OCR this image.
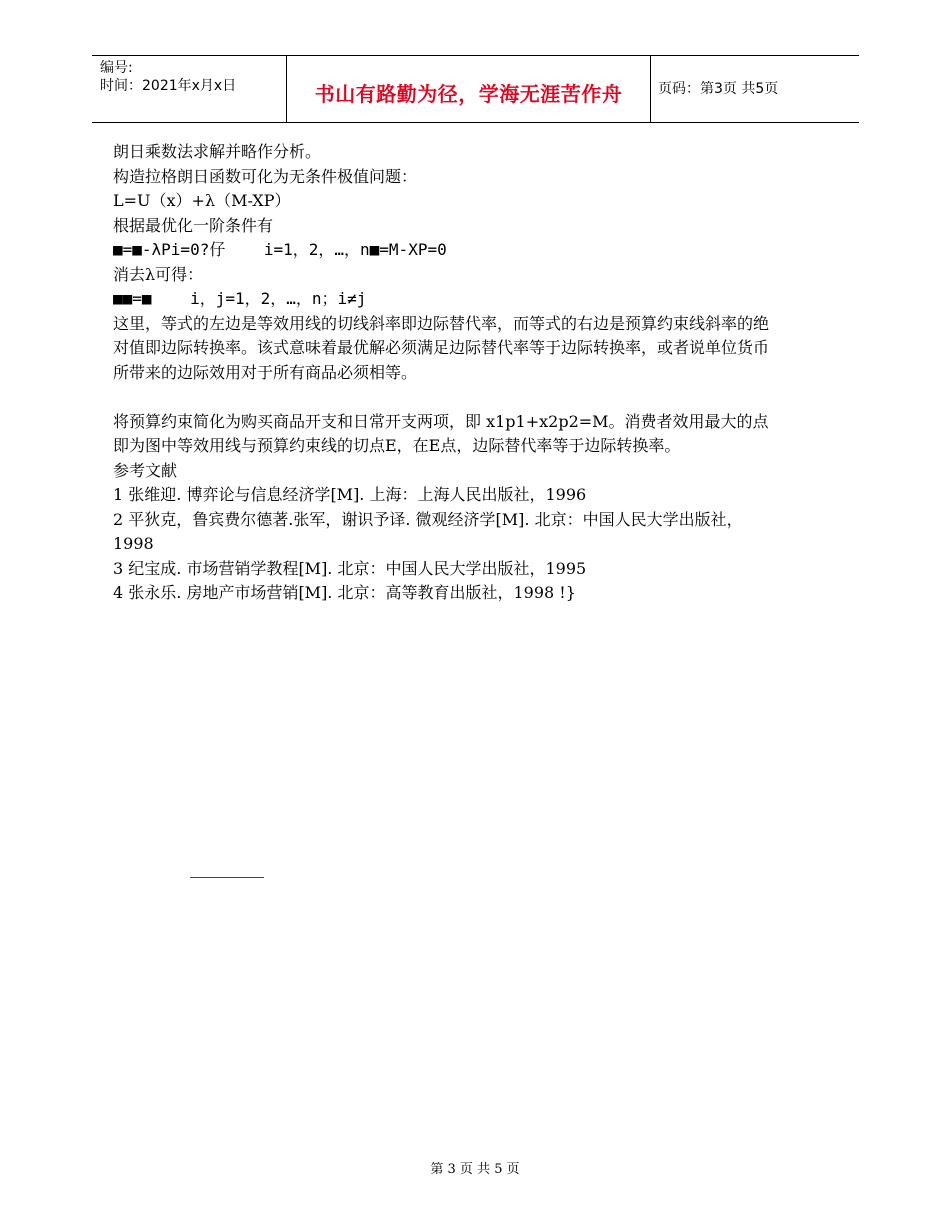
编号:
时间：2021年x月x日	书山有路勤为径，学海无涯苦作舟	页码：第3页 共5页
朗日乘数法求解并略作分析。
构造拉格朗日函数可化为无条件极值问题：
L=U（x）+λ（M-XP）
根据最优化一阶条件有
■=■-λPi=0?仔    i=1，2，…，n■=M-XP=0
消去λ可得：
■■=■    i，j=1，2，…，n；i≠j
这里，等式的左边是等效用线的切线斜率即边际替代率，而等式的右边是预算约束线斜率的绝对值即边际转换率。该式意味着最优解必须满足边际替代率等于边际转换率，或者说单位货币所带来的边际效用对于所有商品必须相等。
将预算约束简化为购买商品开支和日常开支两项，即 x1p1+x2p2=M。消费者效用最大的点即为图中等效用线与预算约束线的切点E，在E点，边际替代率等于边际转换率。
参考文献
1 张维迎. 博弈论与信息经济学[M]. 上海：上海人民出版社，1996
2 平狄克，鲁宾费尔德著.张军，谢识予译. 微观经济学[M]. 北京：中国人民大学出版社，1998
3 纪宝成. 市场营销学教程[M]. 北京：中国人民大学出版社，1995
4 张永乐. 房地产市场营销[M]. 北京：高等教育出版社，1998 !}
第 3 页 共 5 页
